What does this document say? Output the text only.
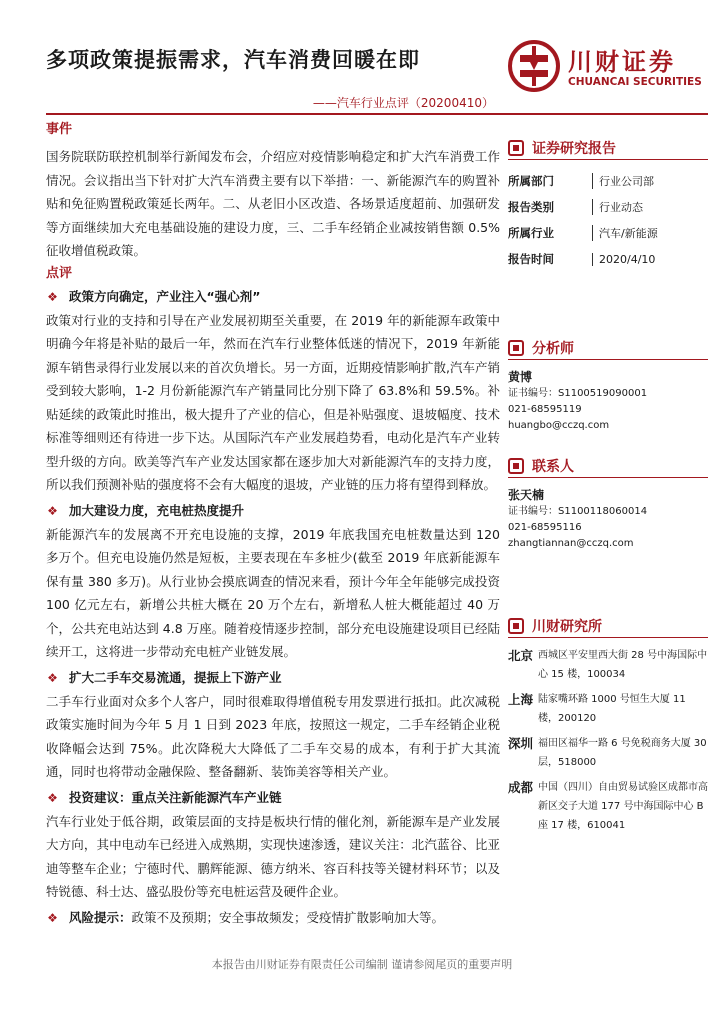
多项政策提振需求，汽车消费回暖在即	川财证券
CHUANCAI SECURITIES
——汽车行业点评（20200410）
事件
国务院联防联控机制举行新闻发布会，介绍应对疫情影响稳定和扩大汽车消费工作情况。会议指出当下针对扩大汽车消费主要有以下举措：一、新能源汽车的购置补贴和免征购置税政策延长两年。二、从老旧小区改造、各场景适度超前、加强研发等方面继续加大充电基础设施的建设力度，三、二手车经销企业减按销售额 0.5%征收增值税政策。
点评
❖ 政策方向确定，产业注入“强心剂”
政策对行业的支持和引导在产业发展初期至关重要，在 2019 年的新能源车政策中明确今年将是补贴的最后一年，然而在汽车行业整体低迷的情况下，2019 年新能源车销售录得行业发展以来的首次负增长。另一方面，近期疫情影响扩散,汽车产销受到较大影响，1-2 月份新能源汽车产销量同比分别下降了 63.8%和 59.5%。补贴延续的政策此时推出，极大提升了产业的信心，但是补贴强度、退坡幅度、技术标准等细则还有待进一步下达。从国际汽车产业发展趋势看，电动化是汽车产业转型升级的方向。欧美等汽车产业发达国家都在逐步加大对新能源汽车的支持力度，所以我们预测补贴的强度将不会有大幅度的退坡，产业链的压力将有望得到释放。
❖ 加大建设力度，充电桩热度提升
新能源汽车的发展离不开充电设施的支撑，2019 年底我国充电桩数量达到 120 多万个。但充电设施仍然是短板，主要表现在车多桩少(截至 2019 年底新能源车保有量 380 多万)。从行业协会摸底调查的情况来看，预计今年全年能够完成投资 100 亿元左右，新增公共桩大概在 20 万个左右，新增私人桩大概能超过 40 万个，公共充电站达到 4.8 万座。随着疫情逐步控制，部分充电设施建设项目已经陆续开工，这将进一步带动充电桩产业链发展。
❖ 扩大二手车交易流通，提振上下游产业
二手车行业面对众多个人客户，同时很难取得增值税专用发票进行抵扣。此次减税政策实施时间为今年 5 月 1 日到 2023 年底，按照这一规定，二手车经销企业税收降幅会达到 75%。此次降税大大降低了二手车交易的成本，有利于扩大其流通，同时也将带动金融保险、整备翻新、装饰美容等相关产业。
❖ 投资建议：重点关注新能源汽车产业链
汽车行业处于低谷期，政策层面的支持是板块行情的催化剂，新能源车是产业发展大方向，其中电动车已经进入成熟期，实现快速渗透，建议关注：北汽蓝谷、比亚迪等整车企业；宁德时代、鹏辉能源、德方纳米、容百科技等关键材料环节；以及特锐德、科士达、盛弘股份等充电桩运营及硬件企业。
❖ 风险提示： 政策不及预期；安全事故频发；受疫情扩散影响加大等。
证券研究报告
所属部门	行业公司部
报告类别	行业动态
所属行业	汽车/新能源
报告时间	2020/4/10
分析师
黄博
证书编号：S1100519090001
021-68595119
huangbo@cczq.com
联系人
张天楠
证书编号：S1100118060014
021-68595116
zhangtiannan@cczq.com
川财研究所
北京 西城区平安里西大街 28 号中海国际中心 15 楼，100034
上海 陆家嘴环路 1000 号恒生大厦 11 楼，200120
深圳 福田区福华一路 6 号免税商务大厦 30 层，518000
成都 中国（四川）自由贸易试验区成都市高新区交子大道 177 号中海国际中心 B 座 17 楼，610041
本报告由川财证券有限责任公司编制 谨请参阅尾页的重要声明
